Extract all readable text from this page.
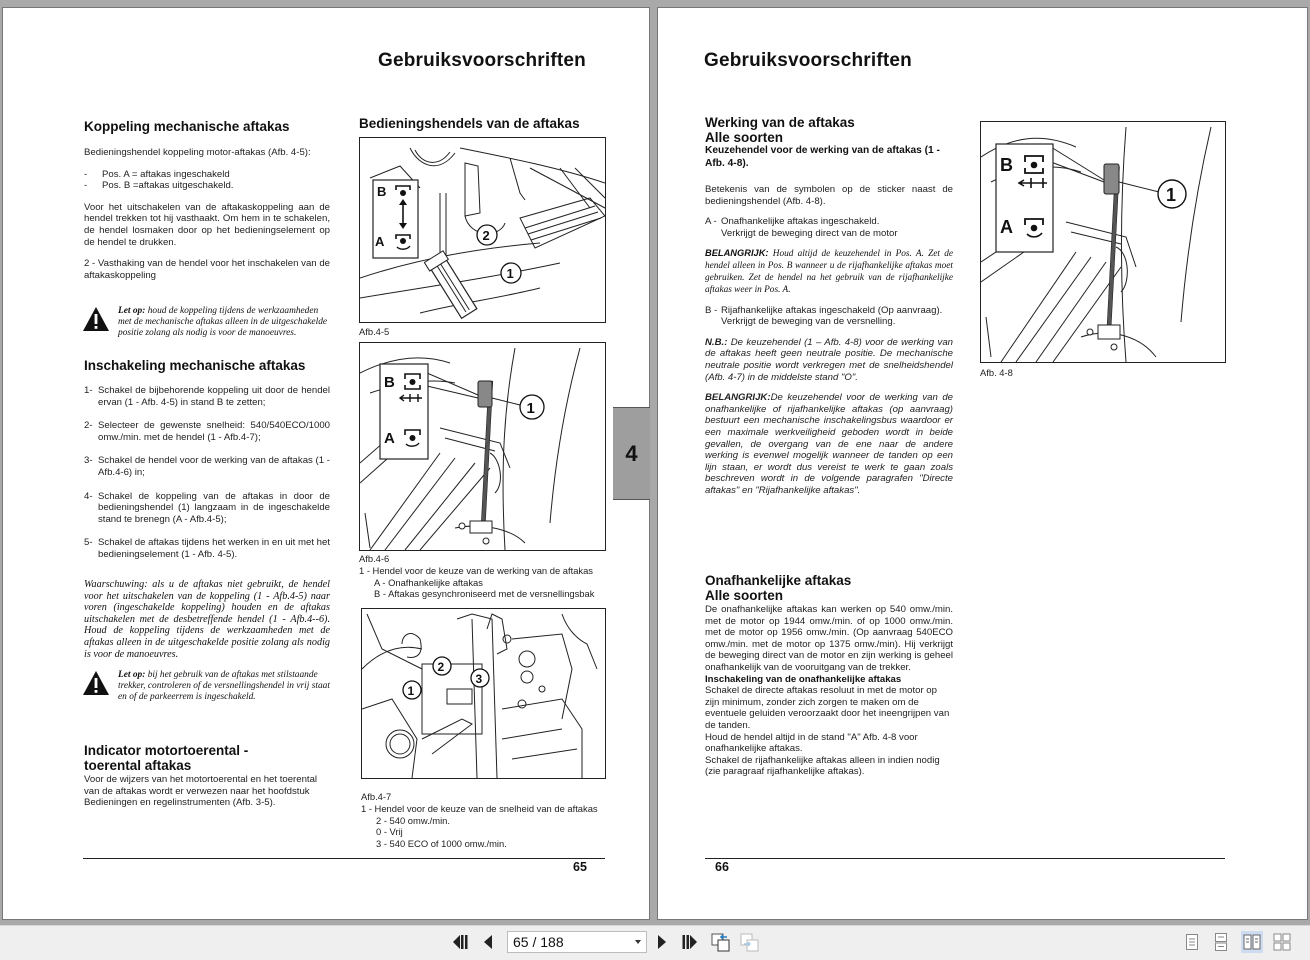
Gebruiksvoorschriften
Koppeling mechanische aftakas

Bedieningshendel koppeling motor-aftakas (Afb. 4-5):

-	Pos. A = aftakas ingeschakeld
-	Pos. B =aftakas uitgeschakeld.

Voor het uitschakelen van de aftakaskoppeling aan de hendel trekken tot hij vasthaakt. Om hem in te schakelen, de hendel losmaken door op het bedieningselement op de hendel te drukken.

2 - Vasthaking van de hendel voor het inschakelen van de aftakaskoppeling

Let op: houd de koppeling tijdens de werkzaamheden met de mechanische aftakas alleen in de uitgeschakelde positie zolang als nodig is voor de manoeuvres.
Inschakeling mechanische aftakas
1- Schakel de bijbehorende koppeling uit door de hendel ervan (1 - Afb. 4-5) in stand B te zetten;
2- Selecteer de gewenste snelheid: 540/540ECO/1000 omw./min. met de hendel (1 - Afb.4-7);
3- Schakel de hendel voor de werking van de aftakas (1 - Afb.4-6) in;
4- Schakel de koppeling van de aftakas in door de bedieningshendel (1) langzaam in de ingeschakelde stand te brenegn (A - Afb.4-5);
5- Schakel de aftakas tijdens het werken in en uit met het bedieningselement (1 - Afb. 4-5).
Waarschuwing: als u de aftakas niet gebruikt, de hendel voor het uitschakelen van de koppeling (1 - Afb.4-5) naar voren (ingeschakelde koppeling) houden en de aftakas uitschakelen met de desbetreffende hendel (1 - Afb.4--6). Houd de koppeling tijdens de werkzaamheden met de aftakas alleen in de uitgeschakelde positie zolang als nodig is voor de manoeuvres.
Let op: bij het gebruik van de aftakas met stilstaande trekker, controleren of de versnellingshendel in vrij staat en of de parkeerrem is ingeschakeld.
Indicator motortoerental -
toerental aftakas
Voor de wijzers van het motortoerental en het toerental van de aftakas wordt er verwezen naar het hoofdstuk Bedieningen en regelinstrumenten (Afb. 3-5).
Bedieningshendels van de aftakas
B
A
1
2
Afb.4-5
B
A
1
Afb.4-6
1 - Hendel voor de keuze van de werking van de aftakas
A - Onafhankelijke aftakas
B - Aftakas gesynchroniseerd met de versnellingsbak
2
3
1
Afb.4-7
1 - Hendel voor de keuze van de snelheid van de aftakas
2 - 540 omw./min.
0 - Vrij
3 - 540 ECO of 1000 omw./min.
65
4
Gebruiksvoorschriften
Werking van de aftakas
Alle soorten
Keuzehendel voor de werking van de aftakas (1 - Afb. 4-8).

Betekenis van de symbolen op de sticker naast de bedieningshendel (Afb. 4-8).

A - Onafhankelijke aftakas ingeschakeld.
Verkrijgt de beweging direct van de motor

BELANGRIJK: Houd altijd de keuzehendel in Pos. A. Zet de hendel alleen in Pos. B wanneer u de rijafhankelijke aftakas moet gebruiken. Zet de hendel na het gebruik van de rijafhankelijke aftakas weer in Pos. A.

B - Rijafhankelijke aftakas ingeschakeld (Op aanvraag).
Verkrijgt de beweging van de versnelling.

N.B.: De keuzehendel (1 – Afb. 4-8) voor de werking van de aftakas heeft geen neutrale positie. De mechanische neutrale positie wordt verkregen met de snelheidshendel (Afb. 4-7) in de middelste stand "O".

BELANGRIJK:De keuzehendel voor de werking van de onafhankelijke of rijafhankelijke aftakas (op aanvraag) bestuurt een mechanische inschakelingsbus waardoor er een maximale werkveiligheid geboden wordt in beide gevallen, de overgang van de ene naar de andere werking is evenwel mogelijk wanneer de tanden op een lijn staan, er wordt dus vereist te werk te gaan zoals beschreven wordt in de volgende paragrafen "Directe aftakas" en "Rijafhankelijke aftakas".

Onafhankelijke aftakas
Alle soorten

De onafhankelijke aftakas kan werken op 540 omw./min. met de motor op 1944 omw./min. of op 1000 omw./min. met de motor op 1956 omw./min. (Op aanvraag 540ECO omw./min. met de motor op 1375 omw./min). Hij verkrijgt de beweging direct van de motor en zijn werking is geheel onafhankelijk van de vooruitgang van de trekker.

Inschakeling van de onafhankelijke aftakas

Schakel de directe aftakas resoluut in met de motor op zijn minimum, zonder zich zorgen te maken om de eventuele geluiden veroorzaakt door het ineengrijpen van de tanden.

Houd de hendel altijd in de stand "A" Afb. 4-8 voor onafhankelijke aftakas.

Schakel de rijafhankelijke aftakas alleen in indien nodig (zie paragraaf rijafhankelijke aftakas).

B
A
1
Afb. 4-8
66
65 / 188
